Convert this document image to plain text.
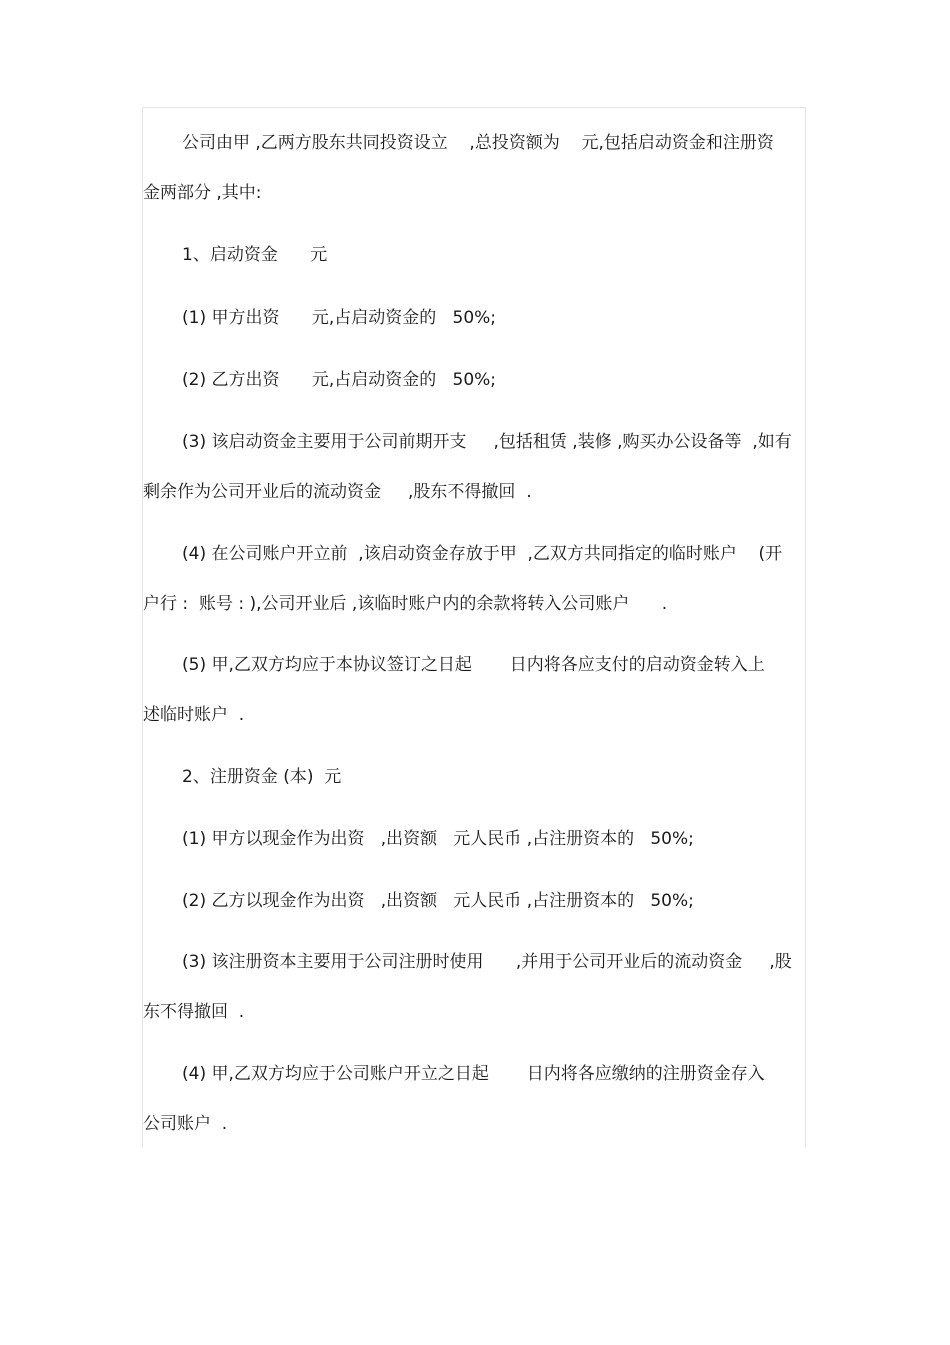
公司由甲 ,乙两方股东共同投资设立    ,总投资额为    元,包括启动资金和注册资
金两部分 ,其中:
1、启动资金      元
(1) 甲方出资      元,占启动资金的   50%;
(2) 乙方出资      元,占启动资金的   50%;
(3) 该启动资金主要用于公司前期开支     ,包括租赁 ,装修 ,购买办公设备等  ,如有
剩余作为公司开业后的流动资金     ,股东不得撤回  .
(4) 在公司账户开立前  ,该启动资金存放于甲  ,乙双方共同指定的临时账户    (开
户行 :  账号 : ),公司开业后 ,该临时账户内的余款将转入公司账户      .
(5) 甲,乙双方均应于本协议签订之日起       日内将各应支付的启动资金转入上
述临时账户  .
2、注册资金 (本)  元
(1) 甲方以现金作为出资   ,出资额   元人民币 ,占注册资本的   50%;
(2) 乙方以现金作为出资   ,出资额   元人民币 ,占注册资本的   50%;
(3) 该注册资本主要用于公司注册时使用      ,并用于公司开业后的流动资金     ,股
东不得撤回  .
(4) 甲,乙双方均应于公司账户开立之日起       日内将各应缴纳的注册资金存入
公司账户  .
